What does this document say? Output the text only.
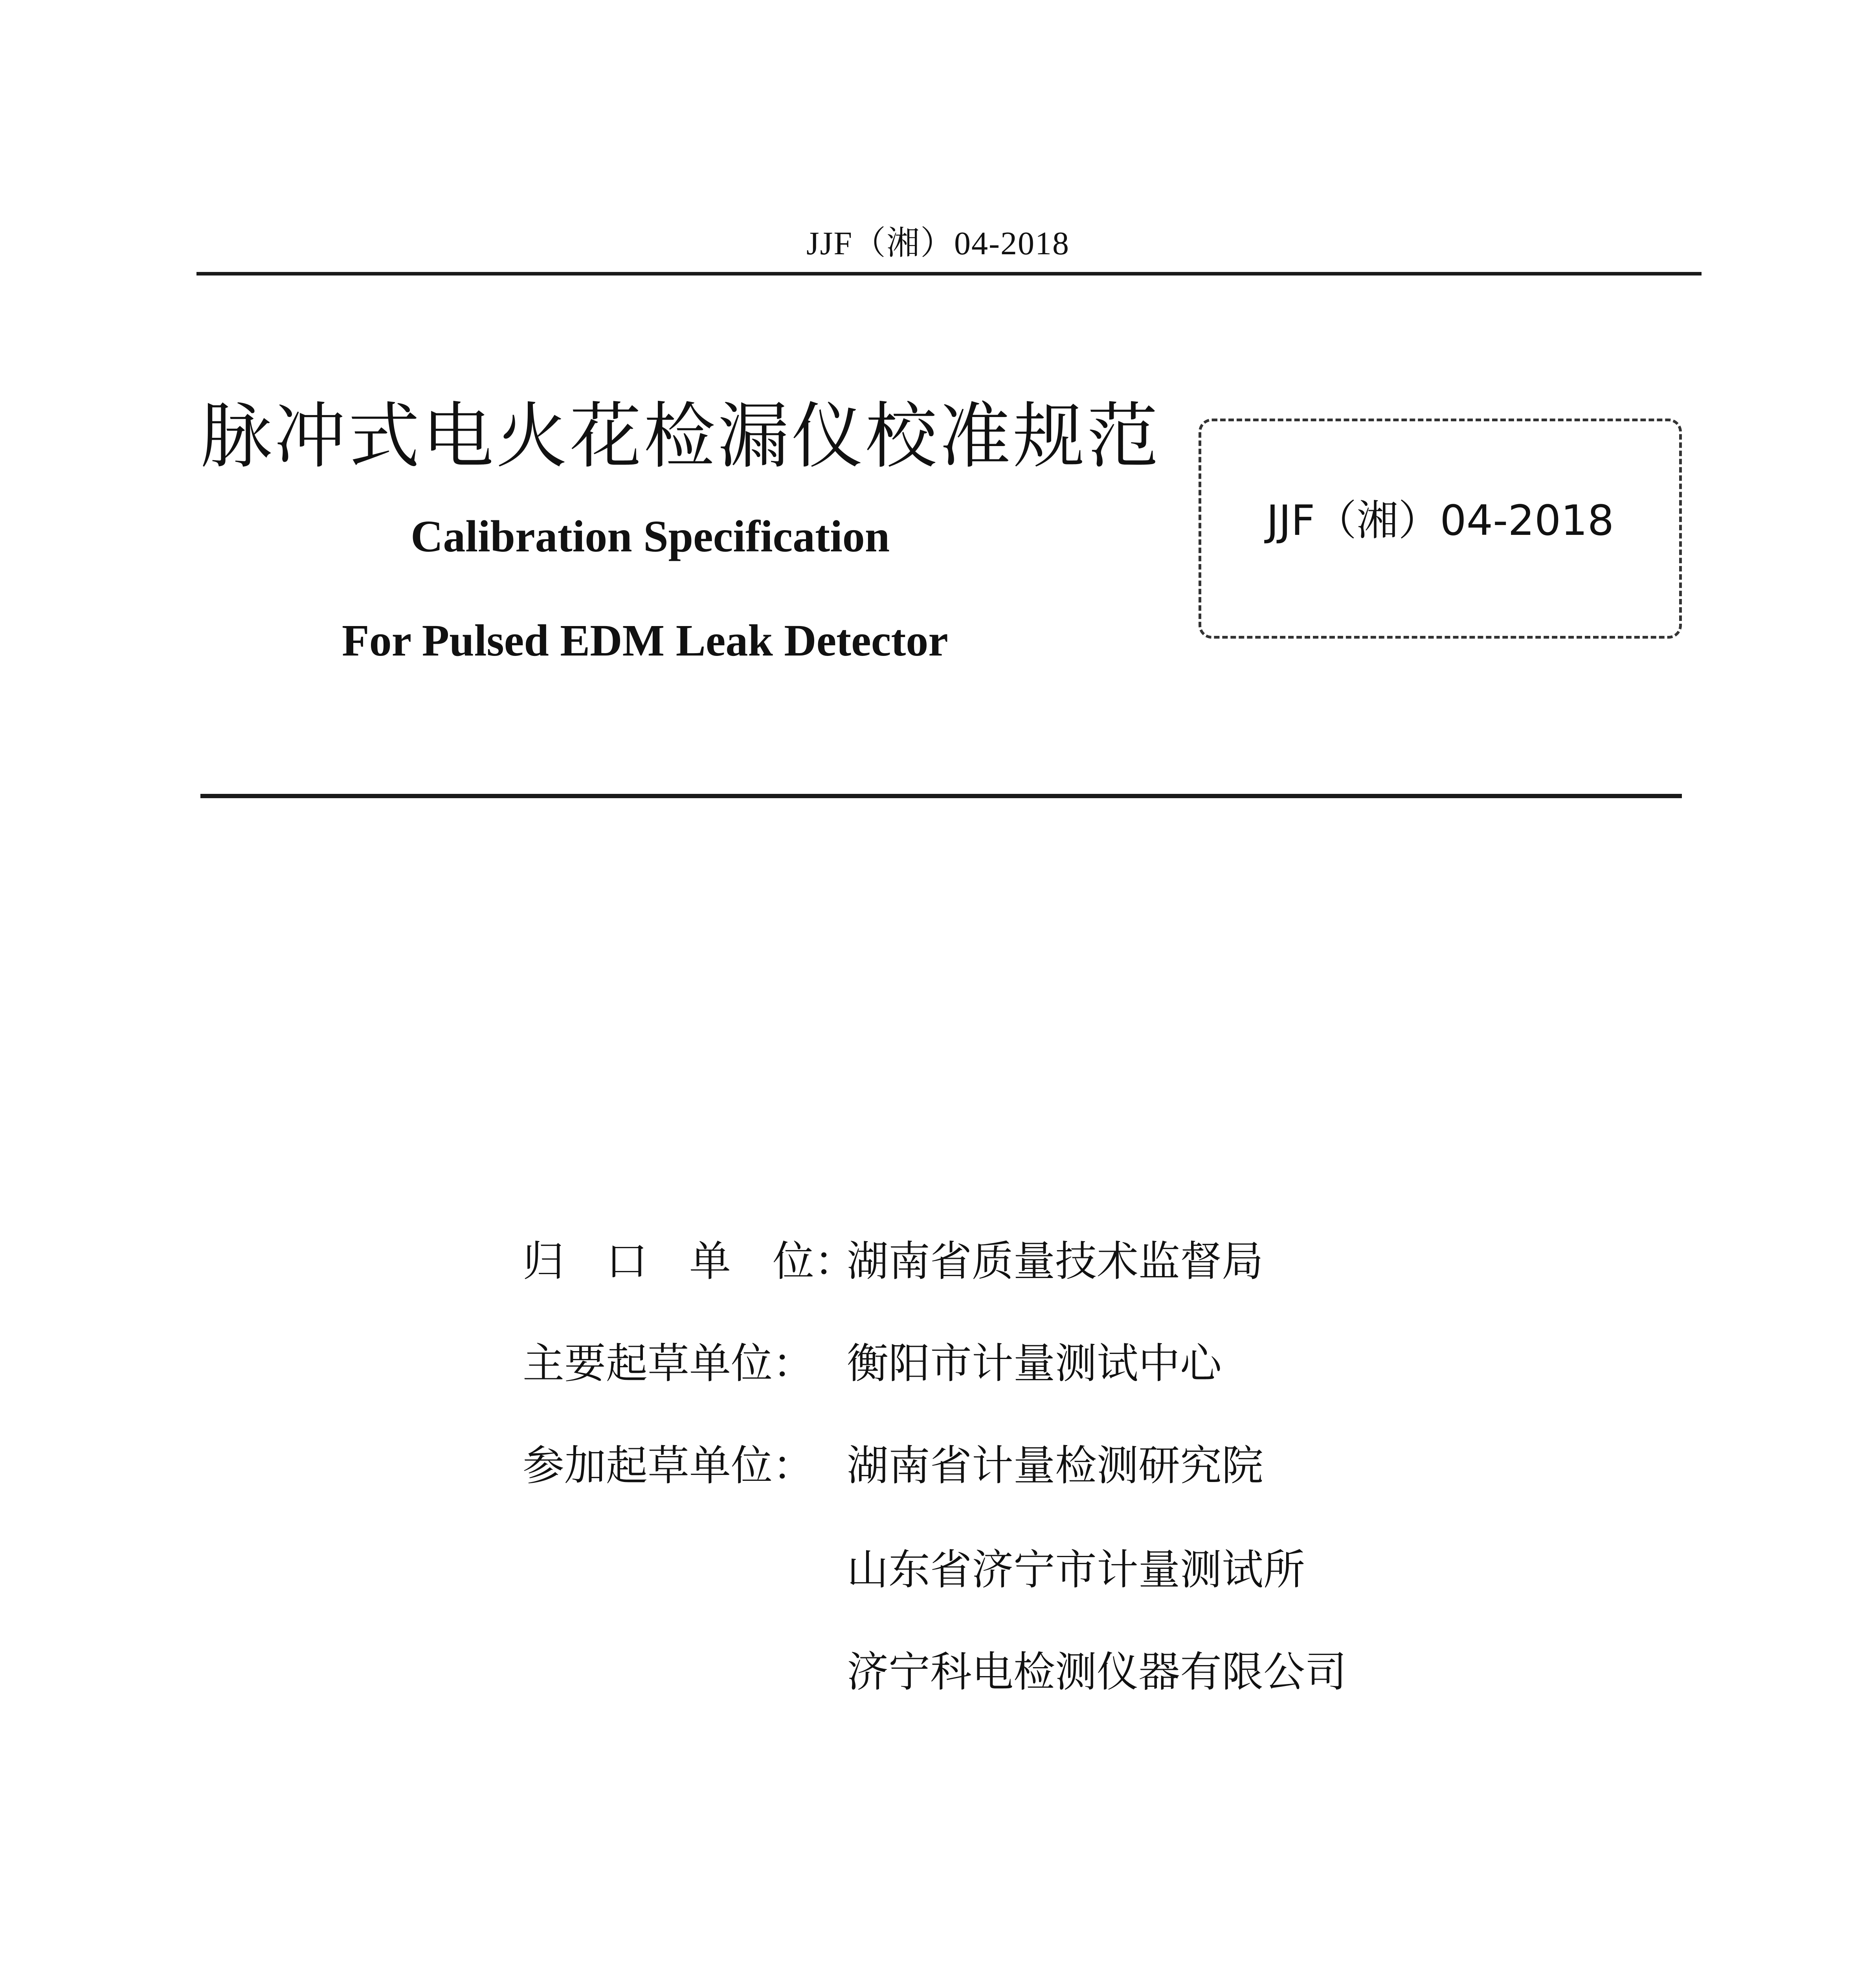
JJF（湘）04-2018
脉冲式电火花检漏仪校准规范
Calibration Specification
For Pulsed EDM Leak Detector
JJF（湘）04-2018
归　口　单　位：
湖南省质量技术监督局
主要起草单位： 衡阳市计量测试中心
参加起草单位： 湖南省计量检测研究院
山东省济宁市计量测试所
济宁科电检测仪器有限公司
